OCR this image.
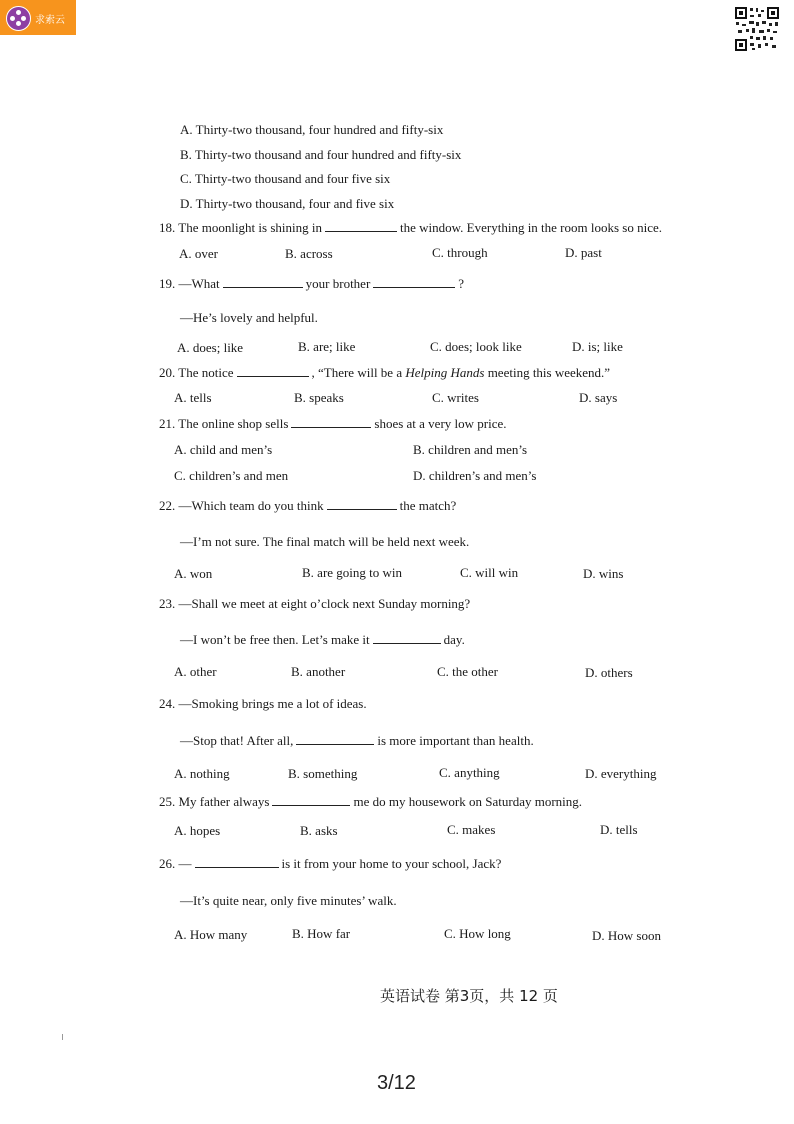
求索云
A. Thirty-two thousand, four hundred and fifty-six
B. Thirty-two thousand and four hundred and fifty-six
C. Thirty-two thousand and four five six
D. Thirty-two thousand, four and five six
18. The moonlight is shining in	the window. Everything in the room looks so nice.
A. over	B. across	C. through	D. past
19. —What	your brother	?
—He’s lovely and helpful.
A. does; like	B. are; like	C. does; look like	D. is; like
20. The notice	, “There will be a Helping Hands meeting this weekend.”
A. tells	B. speaks	C. writes	D. says
21. The online shop sells	shoes at a very low price.
A. child and men’s	B. children and men’s
C. children’s and men	D. children’s and men’s
22. —Which team do you think	the match?
—I’m not sure. The final match will be held next week.
A. won	B. are going to win	C. will win	D. wins
23. —Shall we meet at eight o’clock next Sunday morning?
—I won’t be free then. Let’s make it	day.
A. other	B. another	C. the other	D. others
24. —Smoking brings me a lot of ideas.
—Stop that! After all,	is more important than health.
A. nothing	B. something	C. anything	D. everything
25. My father always	me do my housework on Saturday morning.
A. hopes	B. asks	C. makes	D. tells
26. —	is it from your home to your school, Jack?
—It’s quite near, only five minutes’ walk.
A. How many	B. How far	C. How long	D. How soon
英语试卷 第3页，共 12 页
3/12
